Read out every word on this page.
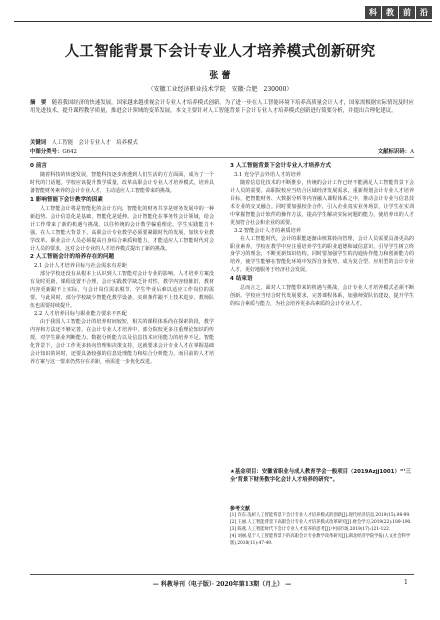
科	教	前	沿
人工智能背景下会计专业人才培养模式创新研究
张 蕾
（安徽工业经济职业技术学院　安徽·合肥　230000）
摘　要　 随着我国经济的快速发展，国家越来越重视会计专业人才培养模式创新。为了进一步在人工智能环境下培养高质量会计人才，国家需根据实际情况及时应用先进技术，提升课程教学质量，推进会计领域的变革发展。本文主要针对人工智能背景下会计专业人才培养模式创新进行简要分析，并提出合理化建议。
关键词　 人工智能　会计专业人才　培养模式
中图分类号：G642	文献标识码：A
0 前言

随着科技的快速发展，智能科技逐步渗透到人们生活的方方面面，成为了一个时代的门话题。学校应该提升教学质量，改革高职会计专业人才培养模式，培养具备智能财务素养的会计专业人才，主动适应人工智能带来的挑战。

1 影响智能下会计教学的因素

人工智能会计将是智能化的会计方向，智能化的财务共享是财务发展中的一种新趋势。会计信息化是基础，智能化是延伸。会计智能化在事务性会计领域，给会计工作带来了新的机遇与挑战。以往传统的会计教学偏重理论，学生实践能力不强。在人工智能大背景下，高职会计专业教学必须要紧跟时代的发展，加快专业教学改革。职业会计人员必须提高自身综合素质和能力，才能适应人工智能时代对会计人员的要求，这对会计专业的人才培养模式提出了新的挑战。

2 人工智能会计的培养存在的问题
2.1 会计人才培养目标与社会需求有差距

部分学校还没有从根本上认识到人工智能对会计专业的影响，人才培养方案没有及时更新，课程设置不合理，会计实践教学缺乏针对性，教学内容较陈旧，教材内容更新跟不上实际，与会计岗位需求脱节，学生毕业后难以适应工作岗位的需要。与此同时，部分学校缺少智能化教学设备，实训条件跟不上技术进步，教师队伍也需要持续提升。

2.2 人才培养目标与职业能力要求不匹配

由于我国人工智能会计的培养时间较短，相关的课程体系尚在探索阶段，教学内容和方法还不够完善。在会计专业人才培养中，部分院校更多注重理论知识的传授，对学生职业判断能力、数据分析能力以及信息技术应用能力的培养不足。智能化背景下，会计工作更多转向管理和决策支持，这就要求会计专业人才在掌握基础会计知识的同时，还要具备较强的信息处理能力和综合分析能力，而目前的人才培养方案与这一要求仍然存在差距，亟需进一步优化改进。

3 人工智能背景下会计专业人才培养方式
3.1 充分学会外语人才的培养

随着信息化技术的不断推步，传统的会计工作已经不能满足人工智能背景下会计人员的需要。高职院校应当结合区域经济发展需求，重新规划会计专业人才培养目标，把智能财务、大数据分析等内容融入课程体系之中，推动会计专业与信息技术专业的交叉融合。同时要加强校企合作，引入企业真实业务场景，让学生在实训中掌握智能会计软件的操作方法，提高学生解决实际问题的能力，使培养出的人才更加符合社会和企业的需要。

3.2 智能会计人才的素质培养

在人工智能时代，会计的职能逐渐由核算转向管理，会计人员需要具备更高的职业素养。学校在教学中应注重培养学生的职业道德和诚信意识，引导学生树立终身学习的理念，不断更新知识结构。同时要加强学生的沟通协作能力和创新能力的培养，使学生能够在智能化环境中发挥自身优势，成为复合型、应用型的会计专业人才，更好地服务于经济社会发展。

4 结束语

总而言之，面对人工智能带来的机遇与挑战，会计专业人才培养模式必须不断创新。学校应当结合时代发展要求，完善课程体系，加强师资队伍建设，提升学生的综合素质与能力，为社会培养更多高素质的会计专业人才。

★基金项目：安徽省职业与成人教育学会一般项目（2019Azjj1001）“‘三全’背景下财务数字化会计人才培养的研究”。
参考文献
[1] 许东.浅析人工智能背景下会计专业人才培养模式的创新[J].现代经济信息,2019(15):98-99.
[2] 王丽.人工智能背景下高职会计专业人才培养模式改革研究[J].财会学习,2019(22):189-190.
[3] 陈燕.人工智能时代下会计专业人才培养的思考[J].中国市场,2019(17):121-122.
[4] 刘丽.基于人工智能背景下的高职会计专业教学改革研究[J].湖北经济学院学报(人文社会科学版),2018(11):47-49.
— 科教导刊（电子版）· 2020年第13期（月上） —	1
